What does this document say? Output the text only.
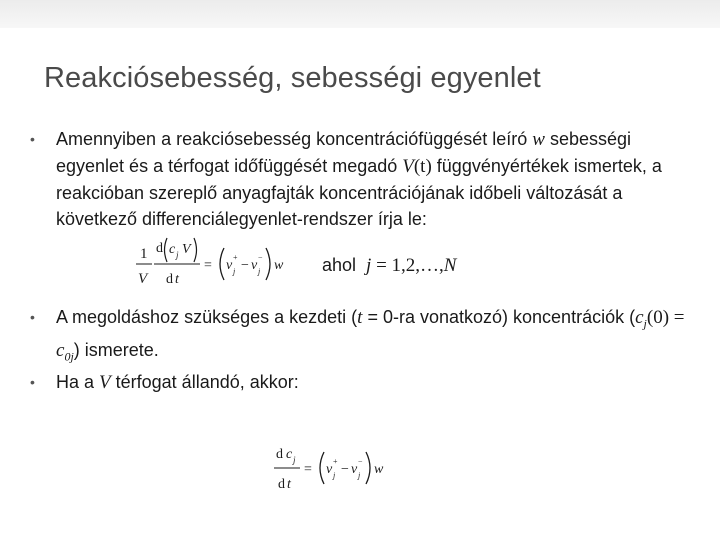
Reakciósebesség, sebességi egyenlet
• Amennyiben a reakciósebesség koncentrációfüggését leíró w sebességi egyenlet és a térfogat időfüggését megadó V(t) függvényértékek ismertek, a reakcióban szereplő anyagfajták koncentrációjának időbeli változását a következő differenciálegyenlet-rendszer írja le:
1
V
d c j V
d t
= ν
+
j − ν
−
j w ahol j = 1,2,…,N
• A megoldáshoz szükséges a kezdeti (t = 0-ra vonatkozó) koncentrációk $(c_j(0) = c_{0j})$ ismerete.
• Ha a V térfogat állandó, akkor:
d c j
d t
= ν
+
j − ν
−
j w
